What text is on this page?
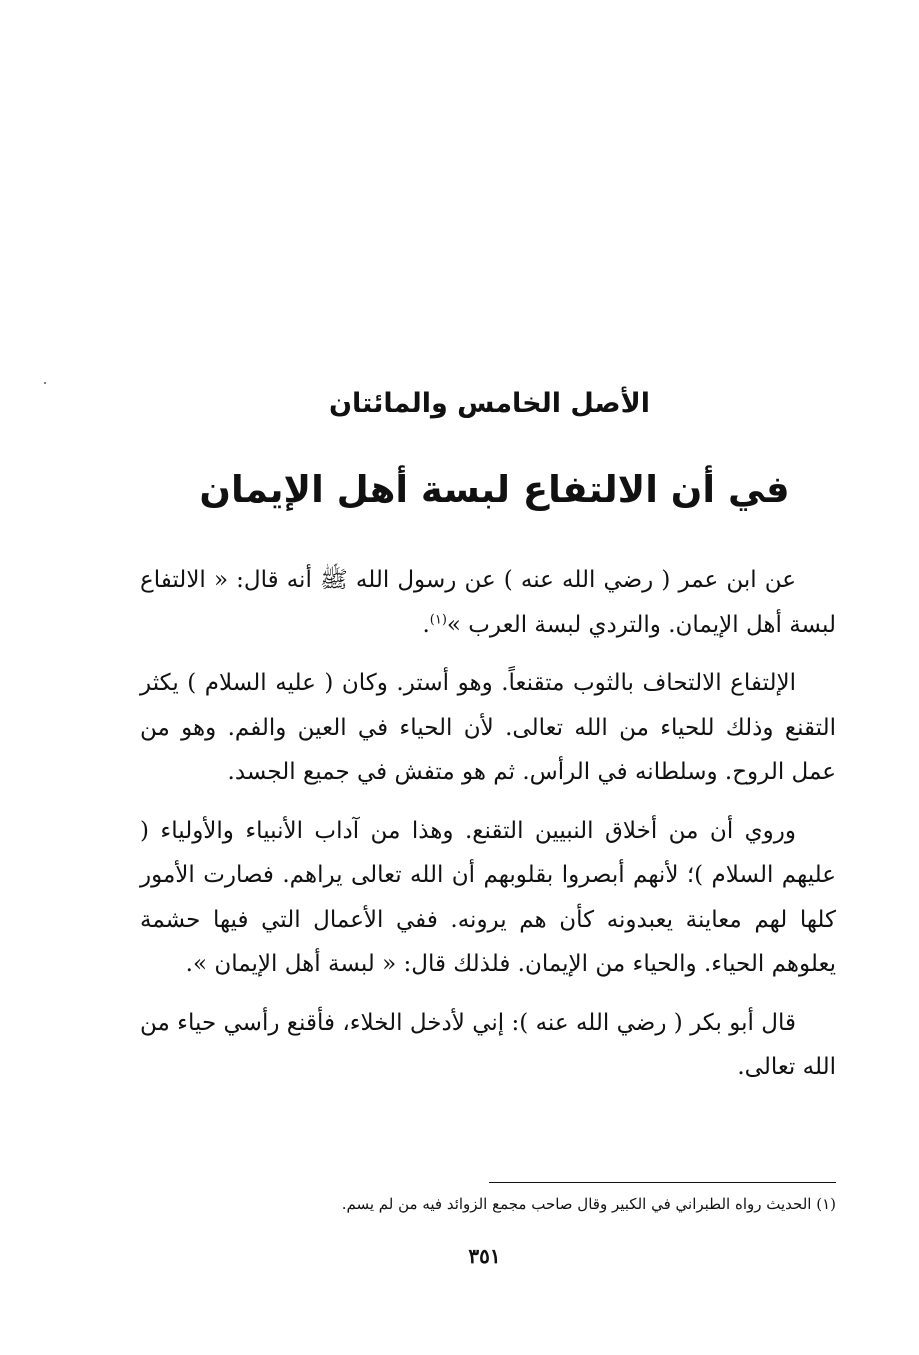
الأصل الخامس والمائتان
في أن الالتفاع لبسة أهل الإيمان

عن ابن عمر ( رضي الله عنه ) عن رسول الله ﷺ أنه قال: « الالتفاع لبسة أهل الإيمان. والتردي لبسة العرب »$^{(١)}$.

الإلتفاع الالتحاف بالثوب متقنعاً. وهو أستر. وكان ( عليه السلام ) يكثر التقنع وذلك للحياء من الله تعالى. لأن الحياء في العين والفم. وهو من عمل الروح. وسلطانه في الرأس. ثم هو متفش في جميع الجسد.

وروي أن من أخلاق النبيين التقنع. وهذا من آداب الأنبياء والأولياء ( عليهم السلام )؛ لأنهم أبصروا بقلوبهم أن الله تعالى يراهم. فصارت الأمور كلها لهم معاينة يعبدونه كأن هم يرونه. ففي الأعمال التي فيها حشمة يعلوهم الحياء. والحياء من الإيمان. فلذلك قال: « لبسة أهل الإيمان ».

قال أبو بكر ( رضي الله عنه ): إني لأدخل الخلاء، فأقنع رأسي حياء من الله تعالى.

(١) الحديث رواه الطبراني في الكبير وقال صاحب مجمع الزوائد فيه من لم يسم.
٣٥١
